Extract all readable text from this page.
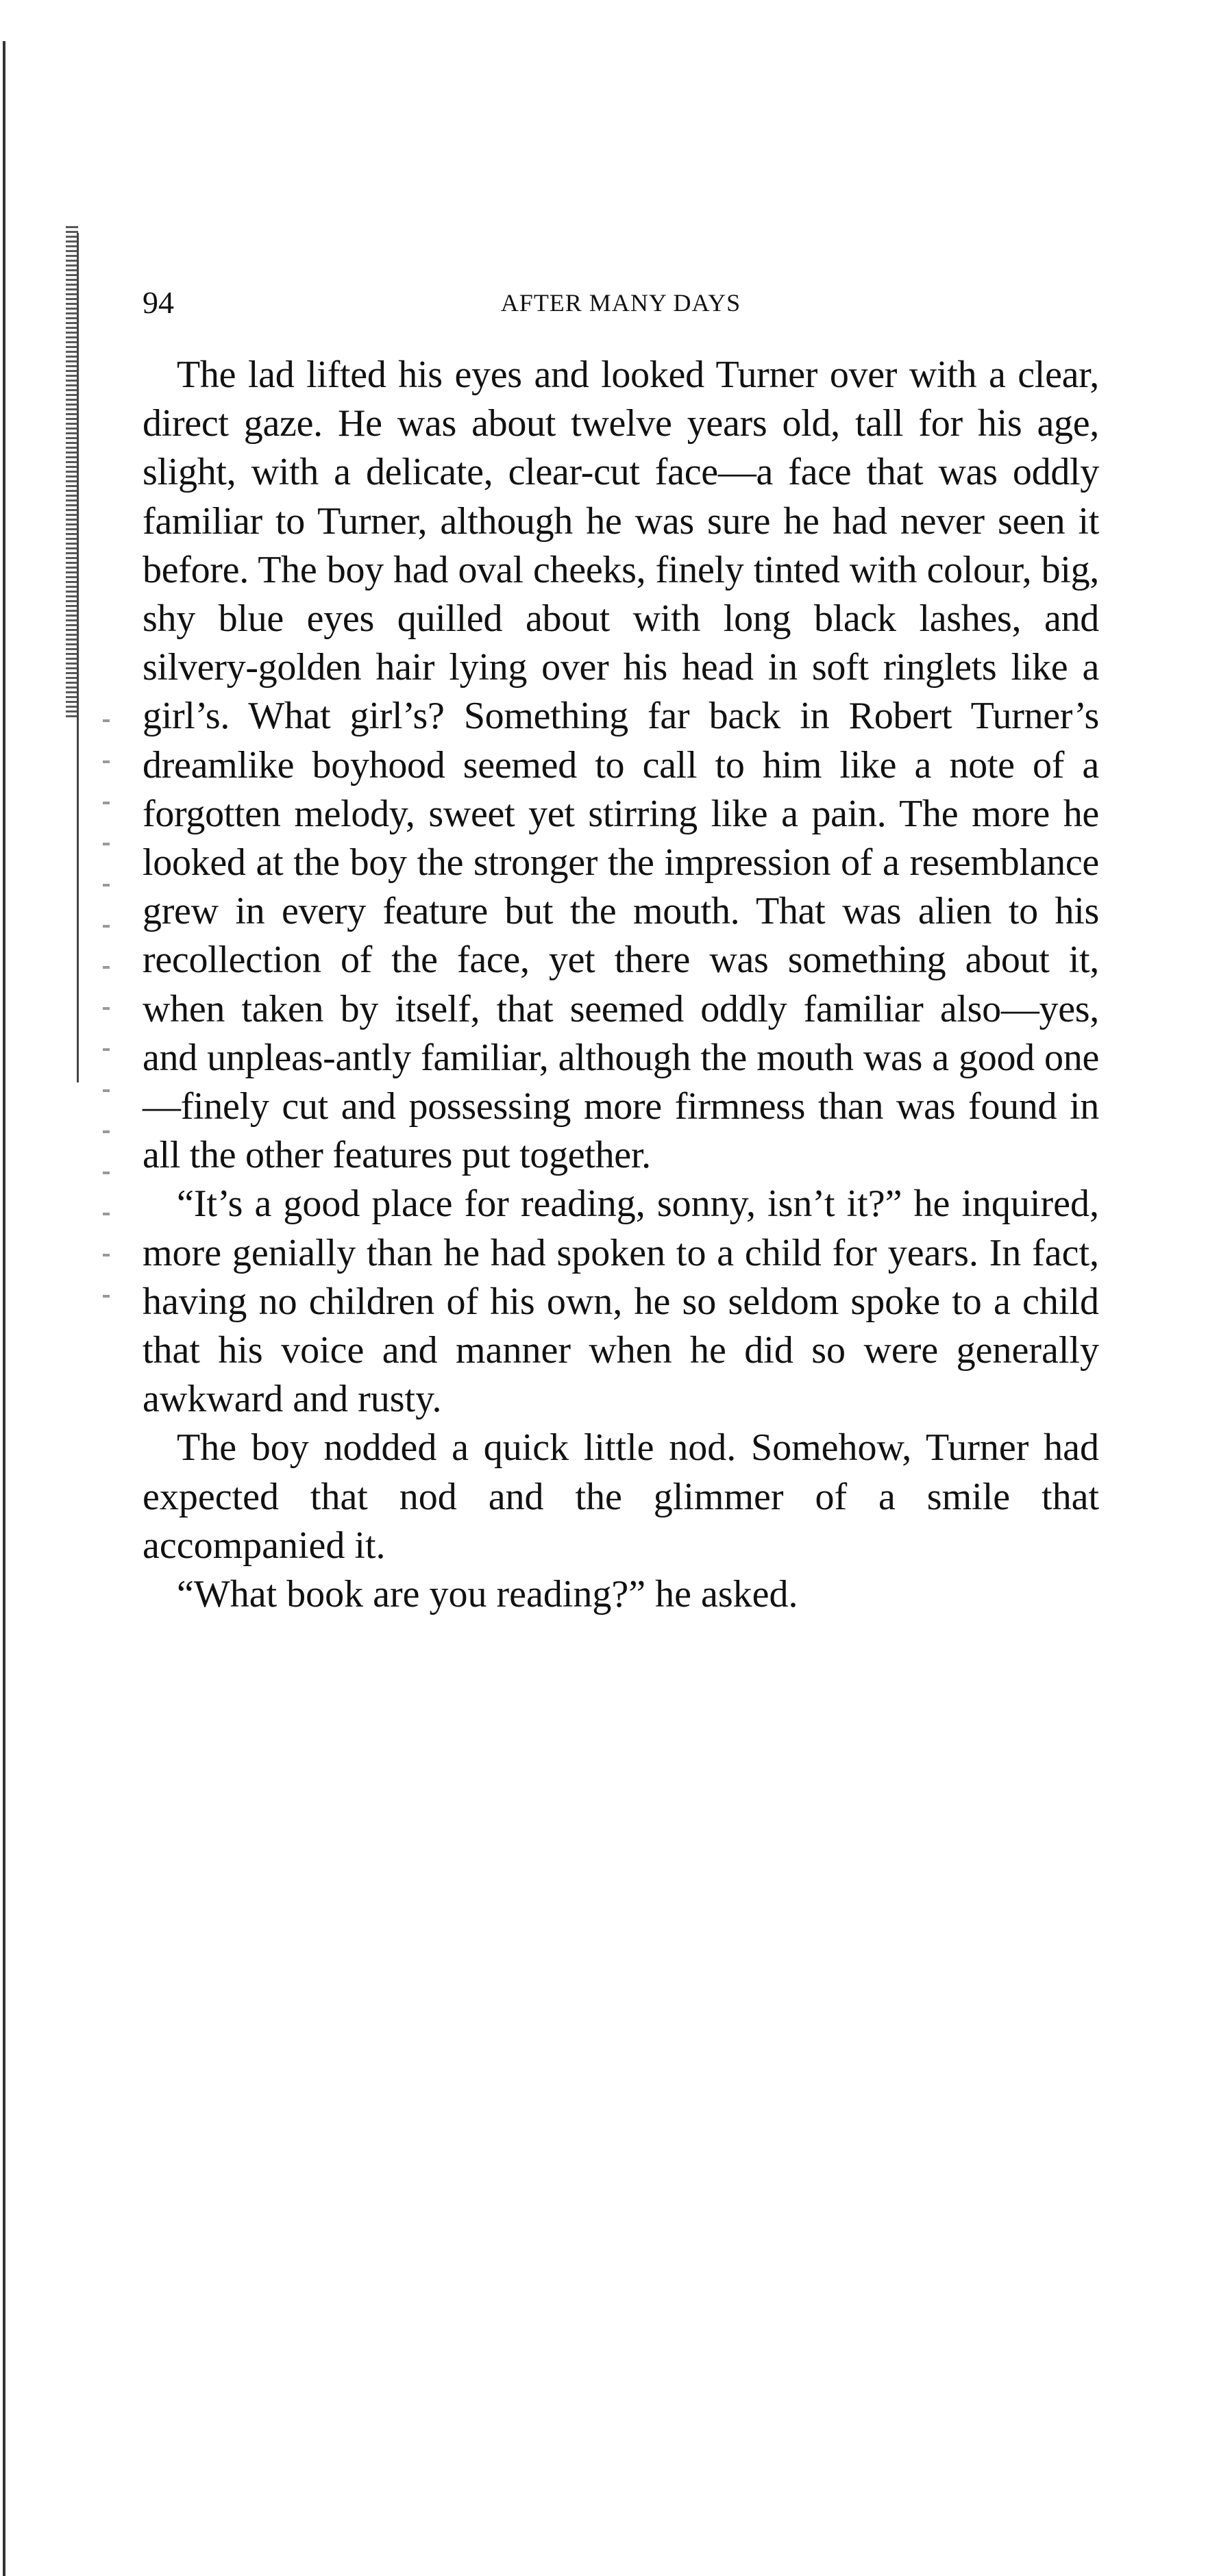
94	AFTER MANY DAYS

The lad lifted his eyes and looked Turner over with a clear, direct gaze. He was about twelve years old, tall for his age, slight, with a delicate, clear-cut face—a face that was oddly familiar to Turner, although he was sure he had never seen it before. The boy had oval cheeks, finely tinted with colour, big, shy blue eyes quilled about with long black lashes, and silvery-golden hair lying over his head in soft ringlets like a girl’s. What girl’s? Something far back in Robert Turner’s dreamlike boyhood seemed to call to him like a note of a forgotten melody, sweet yet stirring like a pain. The more he looked at the boy the stronger the impression of a resemblance grew in every feature but the mouth. That was alien to his recollection of the face, yet there was something about it, when taken by itself, that seemed oddly familiar also—yes, and unpleas-antly familiar, although the mouth was a good one—finely cut and possessing more firmness than was found in all the other features put together.

“It’s a good place for reading, sonny, isn’t it?” he inquired, more genially than he had spoken to a child for years. In fact, having no children of his own, he so seldom spoke to a child that his voice and manner when he did so were generally awkward and rusty.

The boy nodded a quick little nod. Somehow, Turner had expected that nod and the glimmer of a smile that accompanied it.

“What book are you reading?” he asked.
